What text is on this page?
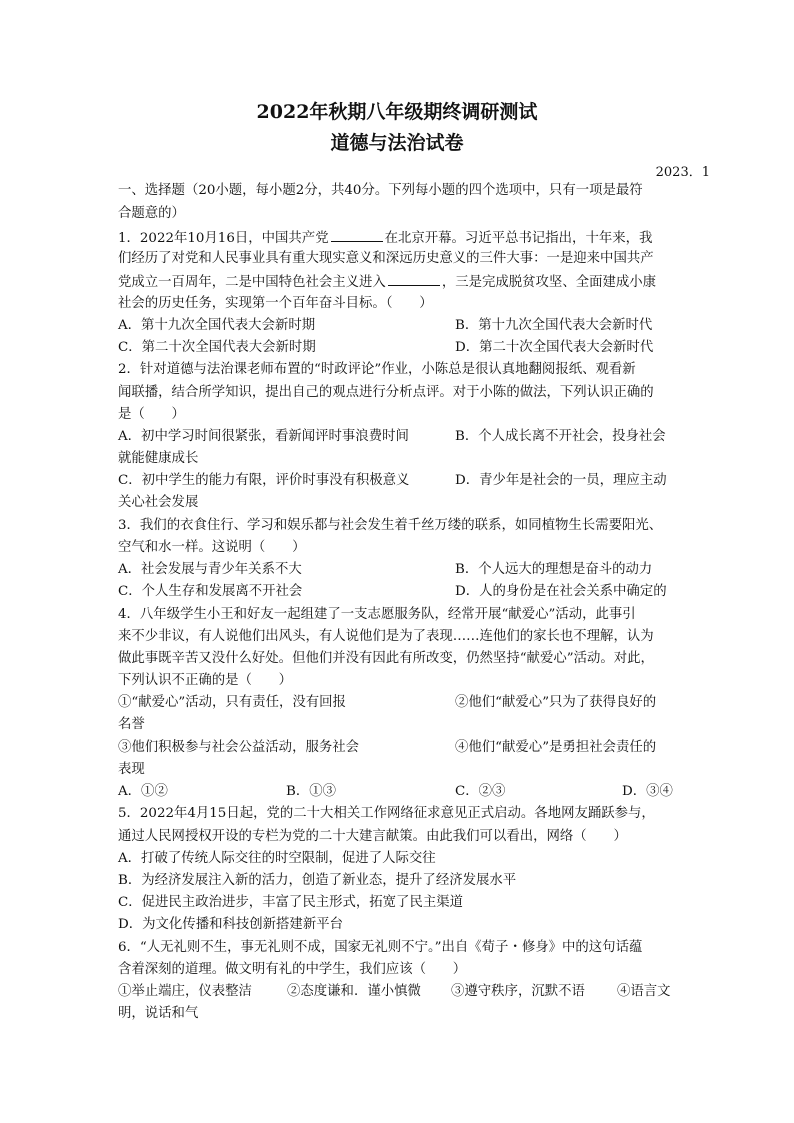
2022年秋期八年级期终调研测试
道德与法治试卷
2023．1
一、选择题（20小题，每小题2分，共40分。下列每小题的四个选项中，只有一项是最符
合题意的）
1．2022年10月16日，中国共产党	在北京开幕。习近平总书记指出，十年来，我
们经历了对党和人民事业具有重大现实意义和深远历史意义的三件大事：一是迎来中国共产
党成立一百周年，二是中国特色社会主义进入	，三是完成脱贫攻坚、全面建成小康
社会的历史任务，实现第一个百年奋斗目标。（　　）
A．第十九次全国代表大会新时期	B．第十九次全国代表大会新时代
C．第二十次全国代表大会新时期	D．第二十次全国代表大会新时代
2．针对道德与法治课老师布置的“时政评论”作业，小陈总是很认真地翻阅报纸、观看新
闻联播，结合所学知识，提出自己的观点进行分析点评。对于小陈的做法，下列认识正确的
是（　　）
A．初中学习时间很紧张，看新闻评时事浪费时间	B．个人成长离不开社会，投身社会
就能健康成长
C．初中学生的能力有限，评价时事没有积极意义	D．青少年是社会的一员，理应主动
关心社会发展
3．我们的衣食住行、学习和娱乐都与社会发生着千丝万缕的联系，如同植物生长需要阳光、
空气和水一样。这说明（　　）
A．社会发展与青少年关系不大	B．个人远大的理想是奋斗的动力
C．个人生存和发展离不开社会	D．人的身份是在社会关系中确定的
4．八年级学生小王和好友一起组建了一支志愿服务队，经常开展“献爱心”活动，此事引
来不少非议，有人说他们出风头，有人说他们是为了表现……连他们的家长也不理解，认为
做此事既辛苦又没什么好处。但他们并没有因此有所改变，仍然坚持“献爱心”活动。对此，
下列认识不正确的是（　　）
①“献爱心”活动，只有责任，没有回报	②他们“献爱心”只为了获得良好的
名誉
③他们积极参与社会公益活动，服务社会	④他们“献爱心”是勇担社会责任的
表现
A．①②	B．①③	C．②③	D．③④
5．2022年4月15日起，党的二十大相关工作网络征求意见正式启动。各地网友踊跃参与，
通过人民网授权开设的专栏为党的二十大建言献策。由此我们可以看出，网络（　　）
A．打破了传统人际交往的时空限制，促进了人际交往
B．为经济发展注入新的活力，创造了新业态，提升了经济发展水平
C．促进民主政治进步，丰富了民主形式，拓宽了民主渠道
D．为文化传播和科技创新搭建新平台
6．“人无礼则不生，事无礼则不成，国家无礼则不宁。”出自《荀子・修身》中的这句话蕴
含着深刻的道理。做文明有礼的中学生，我们应该（　　）
①举止端庄，仪表整洁	②态度谦和．谨小慎微 ③遵守秩序，沉默不语 ④语言文
明，说话和气
